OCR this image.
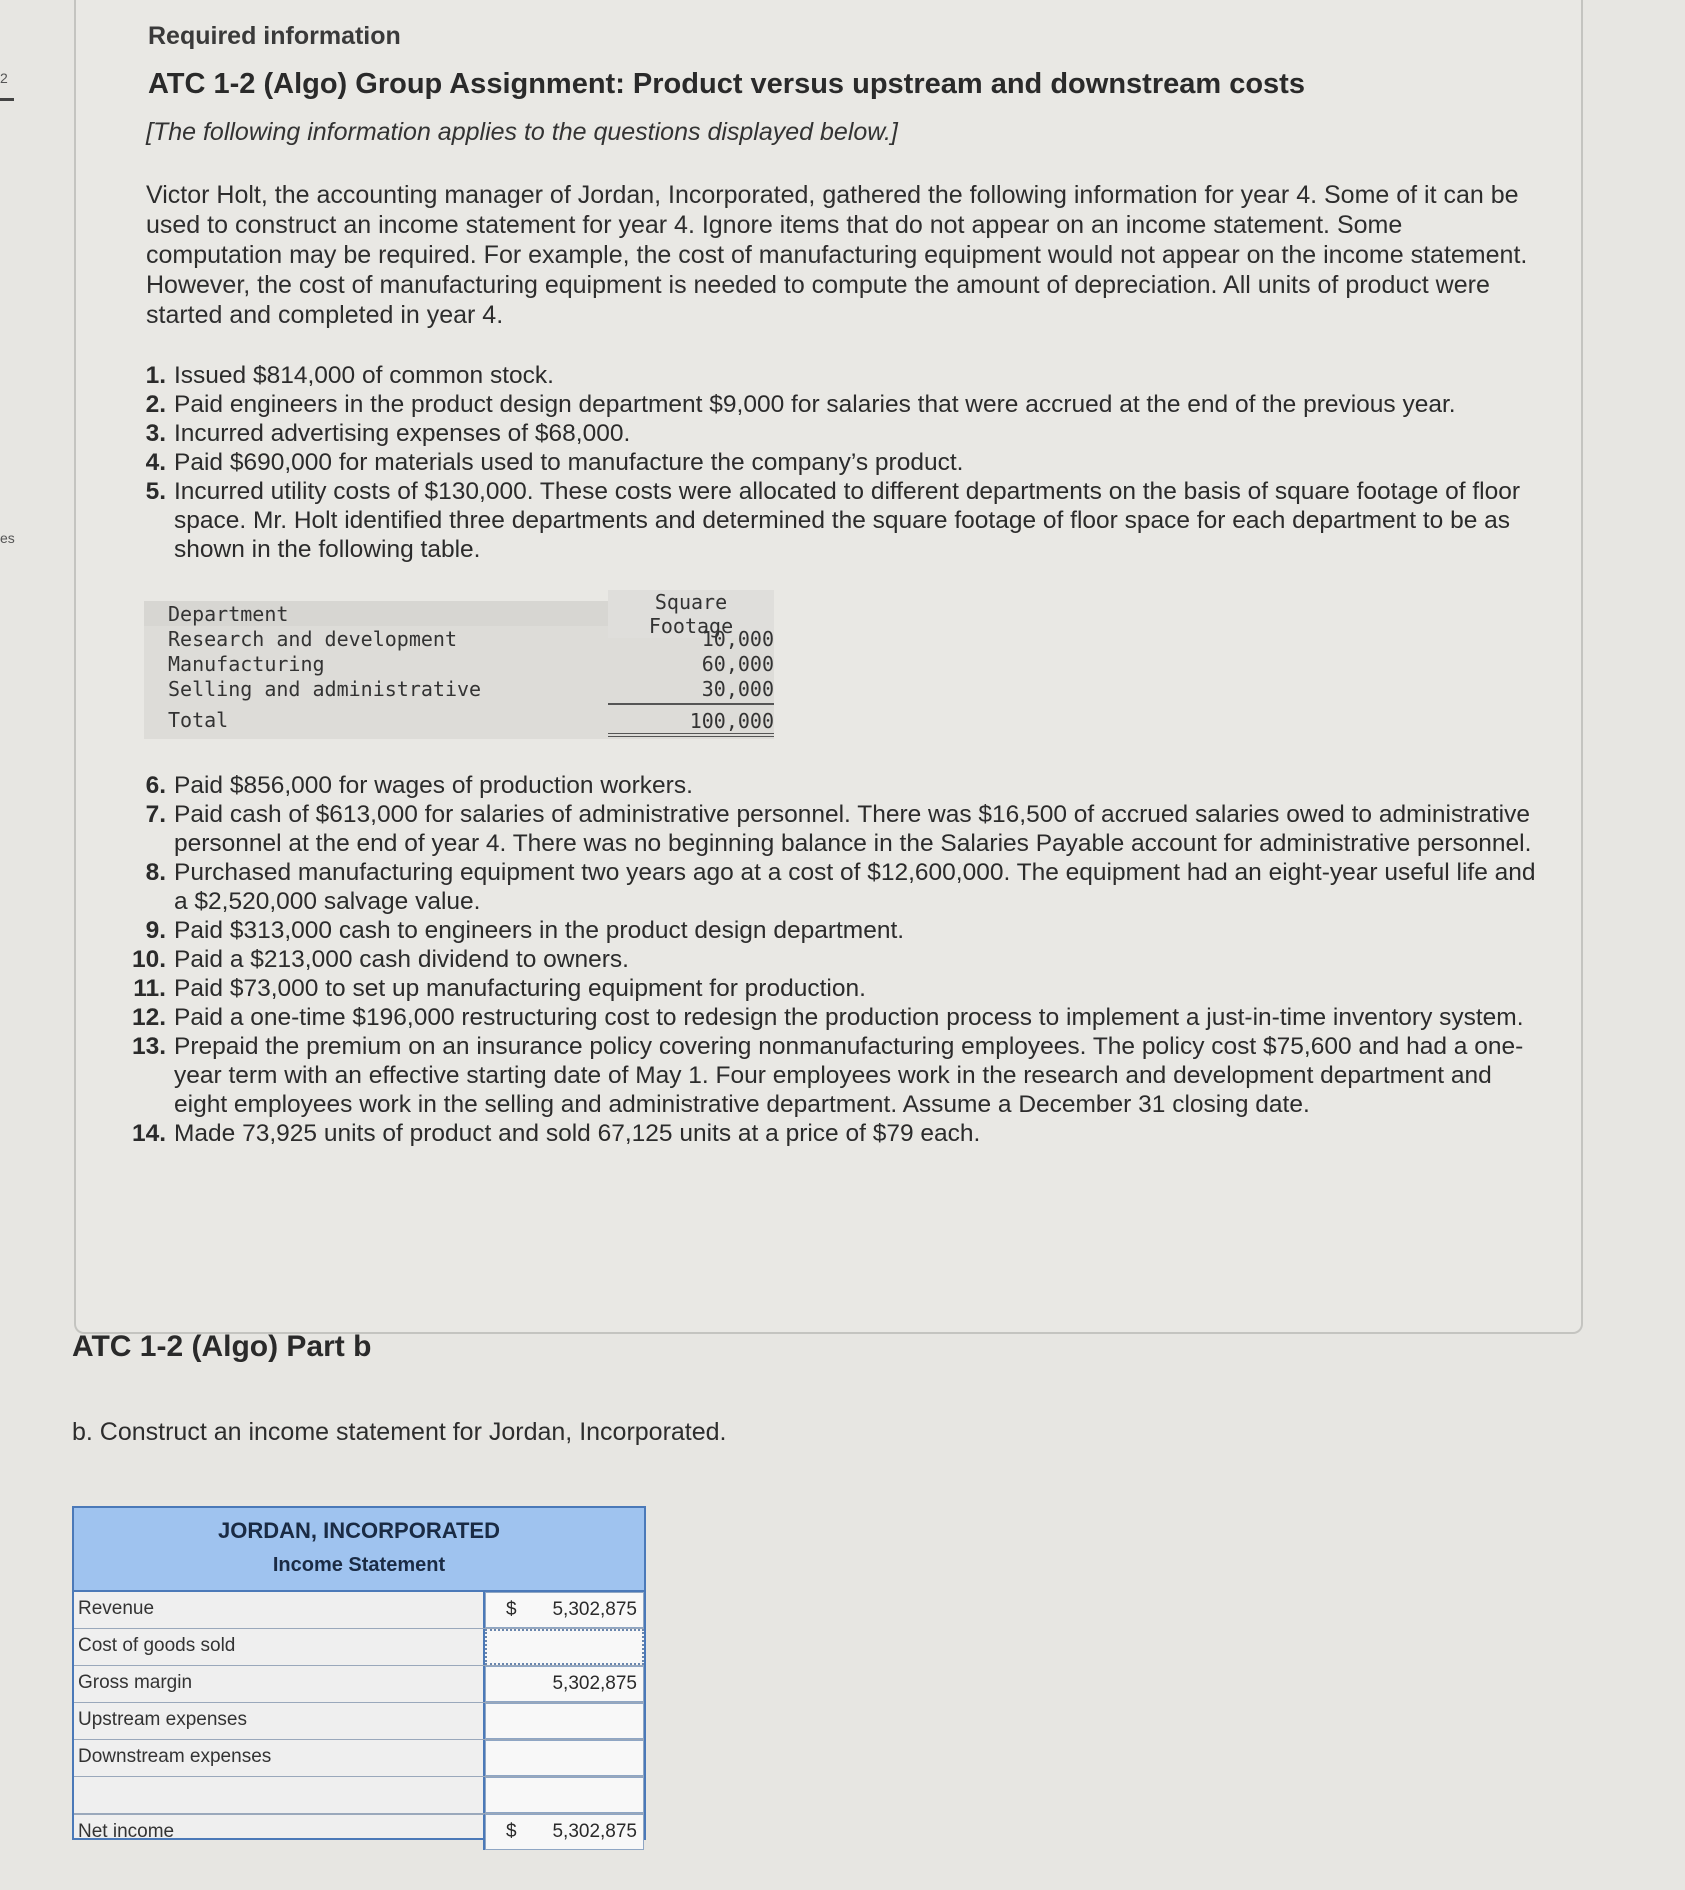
2
es
Required information
ATC 1-2 (Algo) Group Assignment: Product versus upstream and downstream costs
[The following information applies to the questions displayed below.]
Victor Holt, the accounting manager of Jordan, Incorporated, gathered the following information for year 4. Some of it can be used to construct an income statement for year 4. Ignore items that do not appear on an income statement. Some computation may be required. For example, the cost of manufacturing equipment would not appear on the income statement. However, the cost of manufacturing equipment is needed to compute the amount of depreciation. All units of product were started and completed in year 4.
1. Issued $814,000 of common stock.
2. Paid engineers in the product design department $9,000 for salaries that were accrued at the end of the previous year.
3. Incurred advertising expenses of $68,000.
4. Paid $690,000 for materials used to manufacture the company’s product.
5. Incurred utility costs of $130,000. These costs were allocated to different departments on the basis of square footage of floor space. Mr. Holt identified three departments and determined the square footage of floor space for each department to be as shown in the following table.
Department	Square Footage
Research and development	10,000
Manufacturing	60,000
Selling and administrative	30,000
Total	100,000
6. Paid $856,000 for wages of production workers.
7. Paid cash of $613,000 for salaries of administrative personnel. There was $16,500 of accrued salaries owed to administrative personnel at the end of year 4. There was no beginning balance in the Salaries Payable account for administrative personnel.
8. Purchased manufacturing equipment two years ago at a cost of $12,600,000. The equipment had an eight-year useful life and a $2,520,000 salvage value.
9. Paid $313,000 cash to engineers in the product design department.
10. Paid a $213,000 cash dividend to owners.
11. Paid $73,000 to set up manufacturing equipment for production.
12. Paid a one-time $196,000 restructuring cost to redesign the production process to implement a just-in-time inventory system.
13. Prepaid the premium on an insurance policy covering nonmanufacturing employees. The policy cost $75,600 and had a one-year term with an effective starting date of May 1. Four employees work in the research and development department and eight employees work in the selling and administrative department. Assume a December 31 closing date.
14. Made 73,925 units of product and sold 67,125 units at a price of $79 each.
ATC 1-2 (Algo) Part b
b. Construct an income statement for Jordan, Incorporated.
JORDAN, INCORPORATED
Income Statement
Revenue	$ 5,302,875
Cost of goods sold
Gross margin	5,302,875
Upstream expenses
Downstream expenses
Net income	$ 5,302,875
